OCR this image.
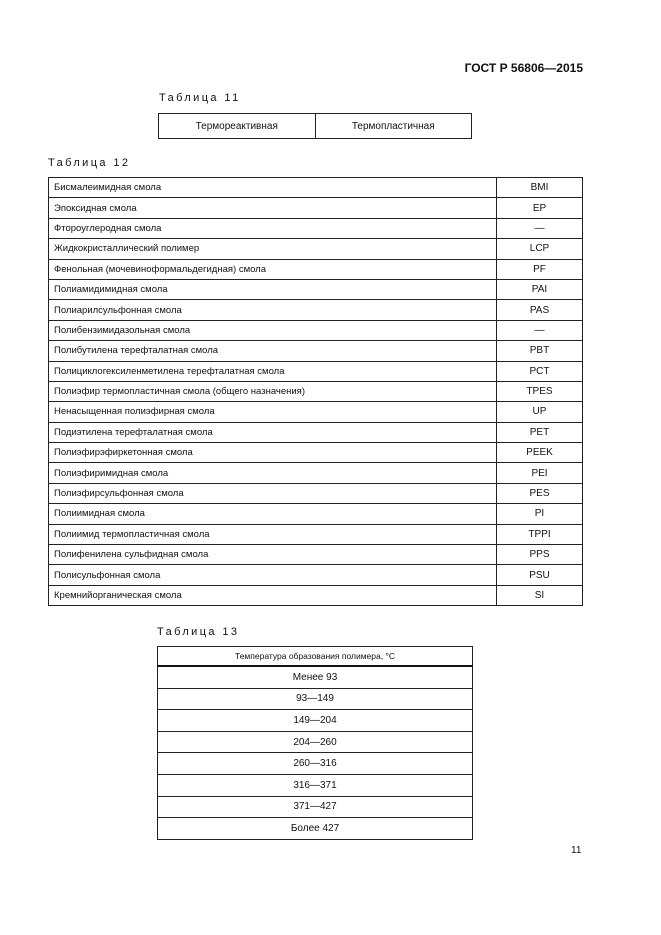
ГОСТ Р 56806—2015
Таблица 11
Термореактивная	Термопластичная
Таблица 12
Бисмалеимидная смола	BMI
Эпоксидная смола	EP
Фтороуглеродная смола	—
Жидкокристаллический полимер	LCP
Фенольная (мочевиноформальдегидная) смола	PF
Полиамидимидная смола	PAI
Полиарилсульфонная смола	PAS
Полибензимидазольная смола	—
Полибутилена терефталатная смола	PBT
Полициклогексиленметилена терефталатная смола	PCT
Полиэфир термопластичная смола (общего назначения)	TPES
Ненасыщенная полиэфирная смола	UP
Подиэтилена терефталатная смола	PET
Полиэфирэфиркетонная смола	PEEK
Полиэфиримидная смола	PEI
Полиэфирсульфонная смола	PES
Полиимидная смола	PI
Полиимид термопластичная смола	TPPI
Полифенилена сульфидная смола	PPS
Полисульфонная смола	PSU
Кремнийорганическая смола	SI
Таблица 13
Температура образования полимера, °С
Менее 93
93—149
149—204
204—260
260—316
316—371
371—427
Более 427
11
